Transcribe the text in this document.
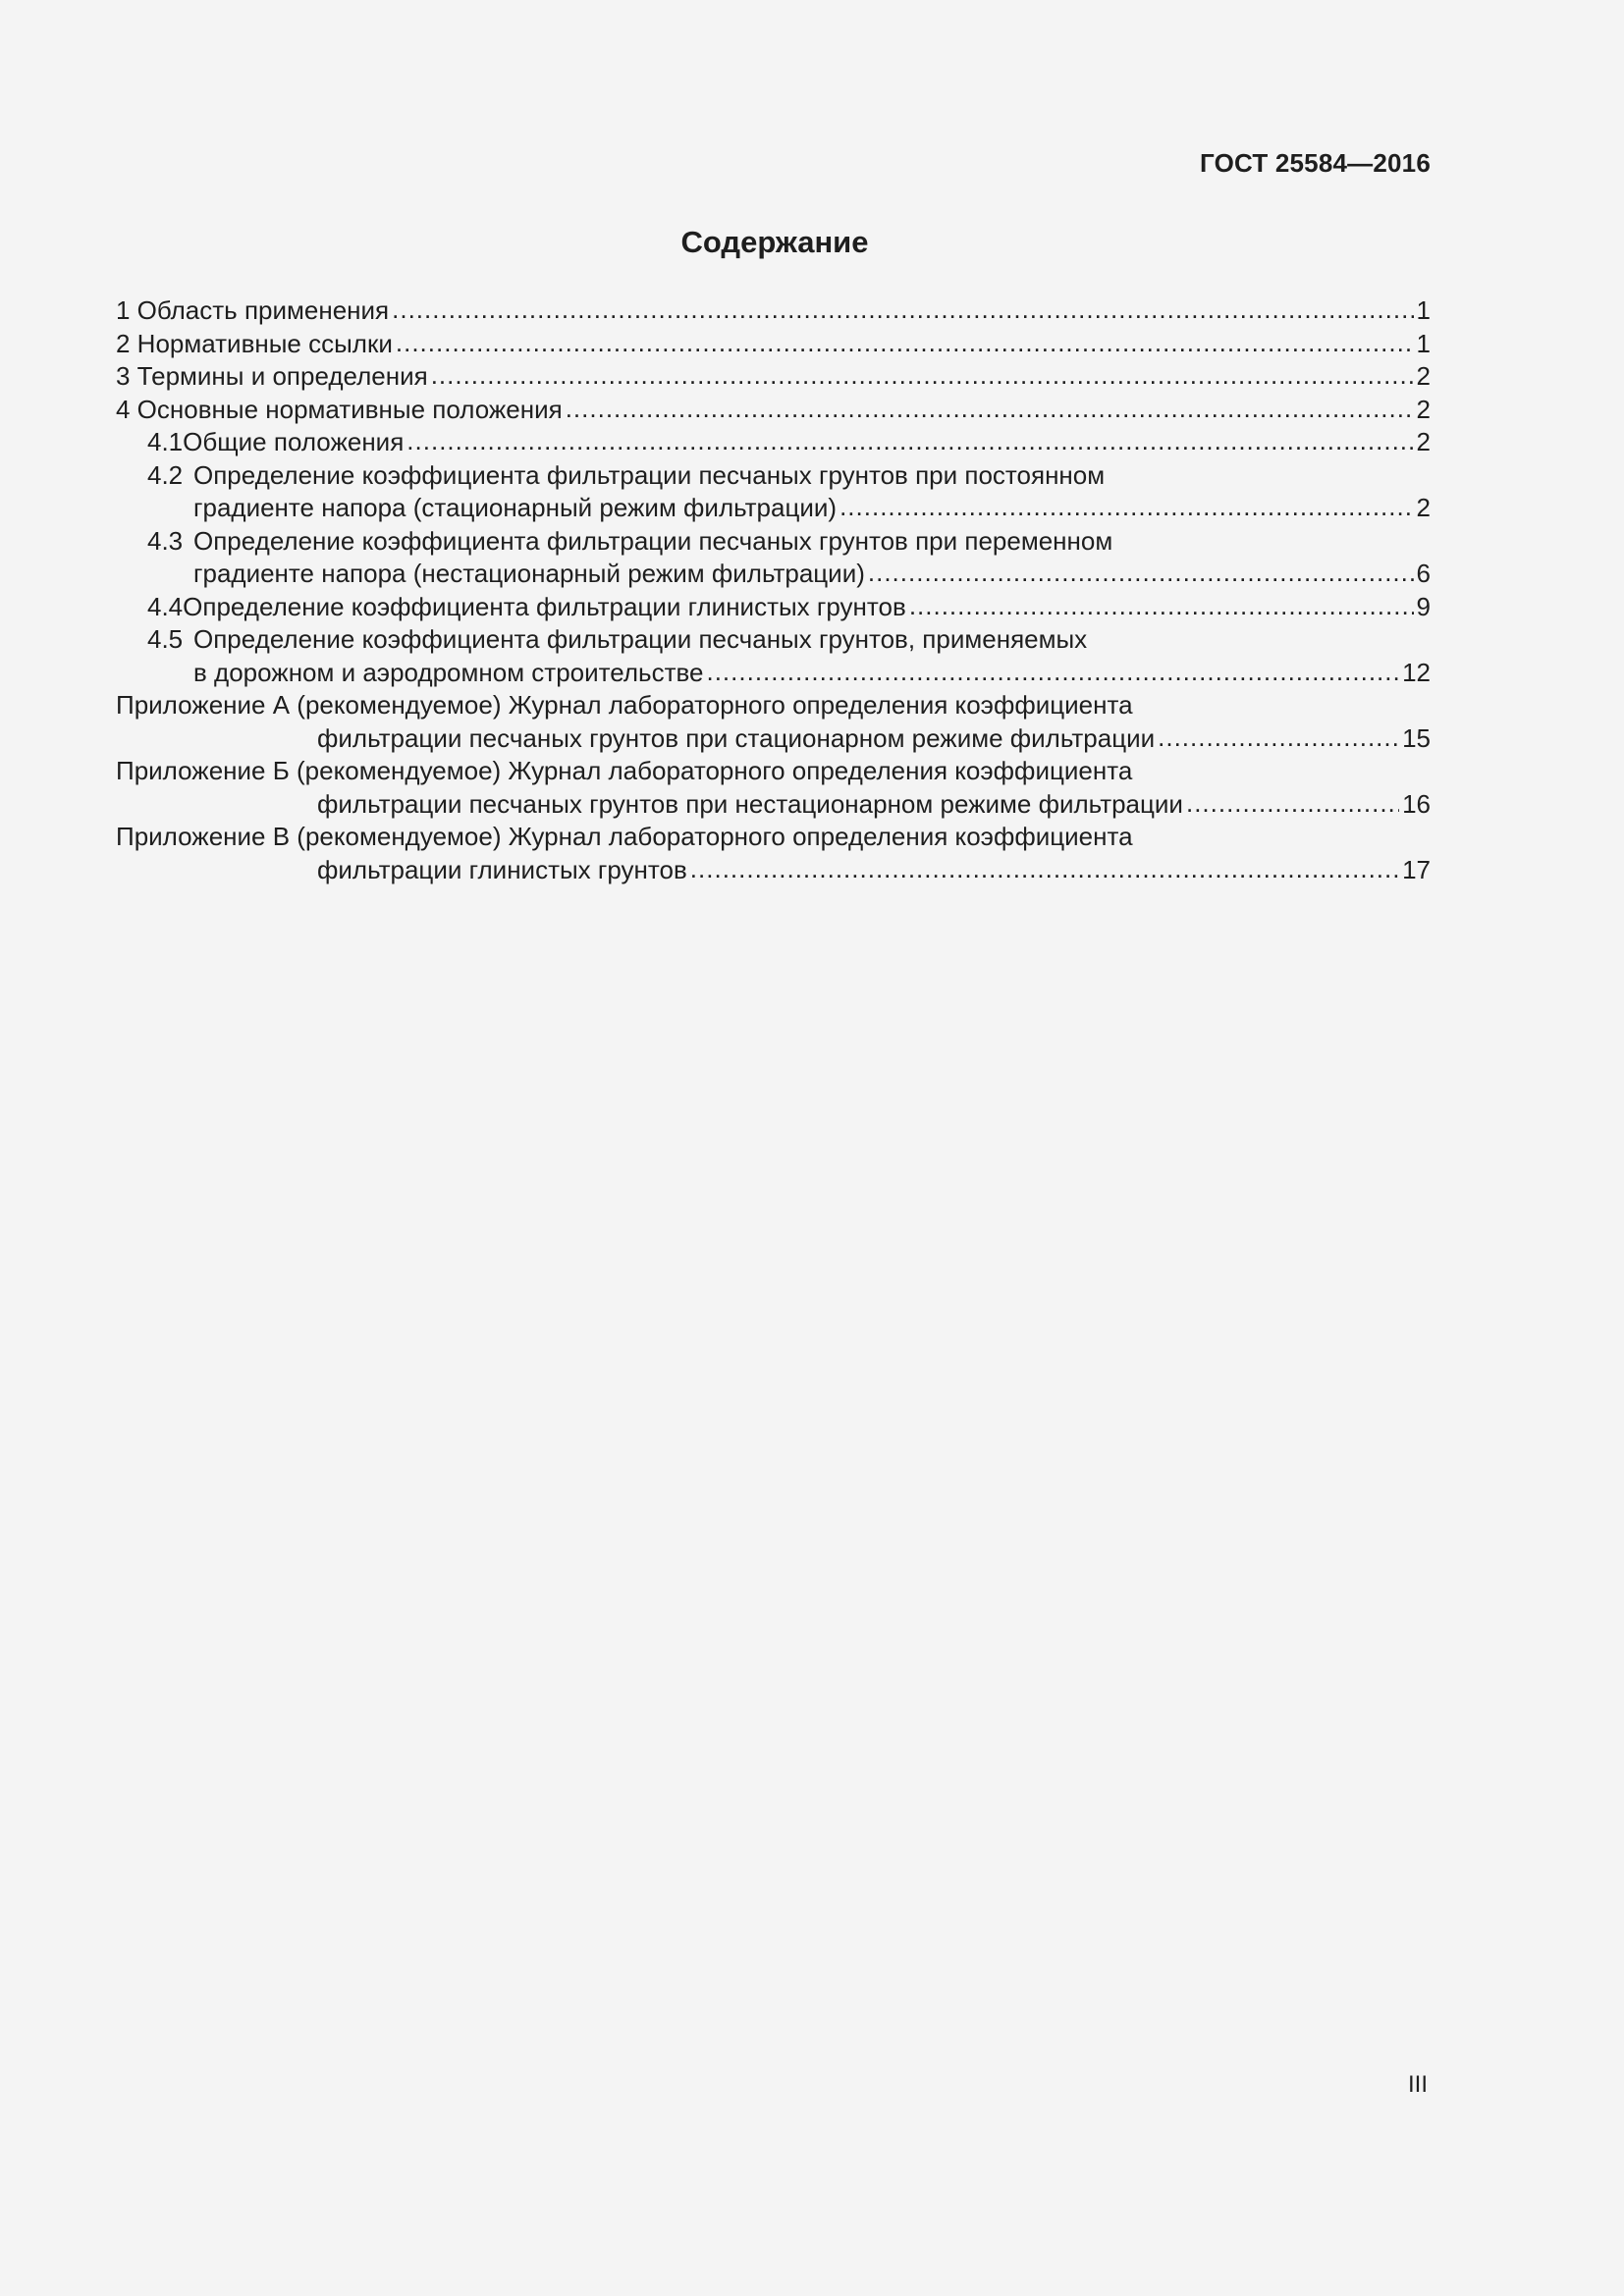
ГОСТ 25584—2016
Содержание
1 Область применения .....	1
2 Нормативные ссылки .....	1
3 Термины и определения .....	2
4 Основные нормативные положения .....	2
4.1 Общие положения .....	2
4.2 Определение коэффициента фильтрации песчаных грунтов при постоянном
градиенте напора (стационарный режим фильтрации) .....	2
4.3 Определение коэффициента фильтрации песчаных грунтов при переменном
градиенте напора (нестационарный режим фильтрации) .....	6
4.4 Определение коэффициента фильтрации глинистых грунтов .....	9
4.5 Определение коэффициента фильтрации песчаных грунтов, применяемых
в дорожном и аэродромном строительстве .....	12
Приложение А (рекомендуемое) Журнал лабораторного определения коэффициента
фильтрации песчаных грунтов при стационарном режиме фильтрации .....	15
Приложение Б (рекомендуемое) Журнал лабораторного определения коэффициента
фильтрации песчаных грунтов при нестационарном режиме фильтрации .....	16
Приложение В (рекомендуемое) Журнал лабораторного определения коэффициента
фильтрации глинистых грунтов .....	17
III
